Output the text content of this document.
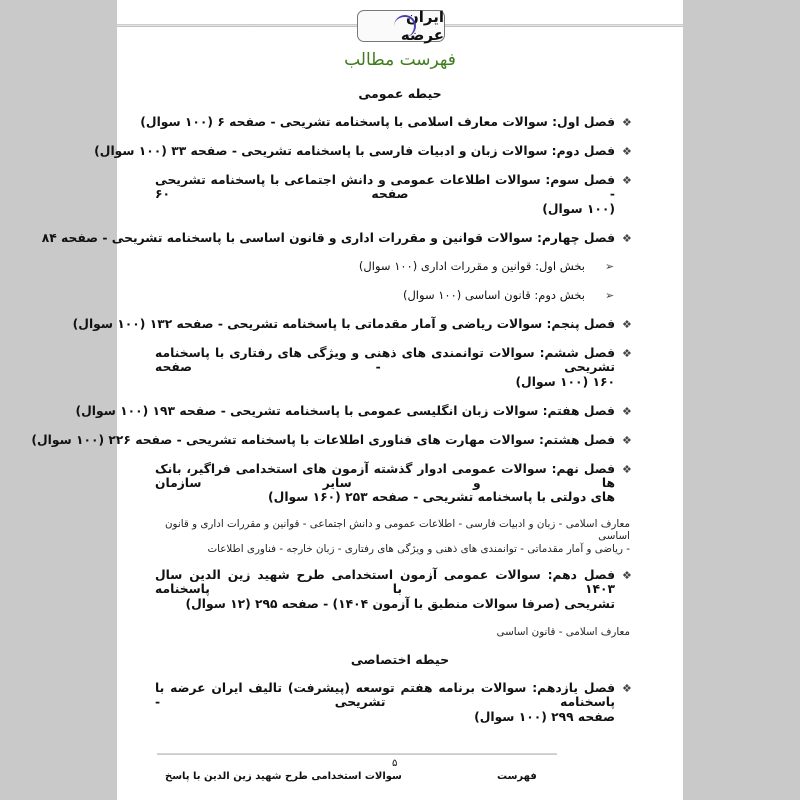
ایران عرضه
فهرست مطالب
حیطه عمومی
❖
فصل اول: سوالات معارف اسلامی با پاسخنامه تشریحی - صفحه ۶ (۱۰۰ سوال)
❖
فصل دوم: سوالات زبان و ادبیات فارسی با پاسخنامه تشریحی - صفحه ۳۳ (۱۰۰ سوال)
❖
فصل سوم: سوالات اطلاعات عمومی و دانش اجتماعی با پاسخنامه تشریحی - صفحه ۶۰
(۱۰۰ سوال)
❖
فصل چهارم: سوالات قوانین و مقررات اداری و قانون اساسی با پاسخنامه تشریحی - صفحه ۸۴
➢
بخش اول: قوانین و مقررات اداری (۱۰۰ سوال)
➢
بخش دوم: قانون اساسی (۱۰۰ سوال)
❖
فصل پنجم: سوالات ریاضی و آمار مقدماتی با پاسخنامه تشریحی - صفحه ۱۳۲ (۱۰۰ سوال)
❖
فصل ششم: سوالات توانمندی های ذهنی و ویژگی های رفتاری با پاسخنامه تشریحی - صفحه
۱۶۰ (۱۰۰ سوال)
❖
فصل هفتم: سوالات زبان انگلیسی عمومی با پاسخنامه تشریحی - صفحه ۱۹۳ (۱۰۰ سوال)
❖
فصل هشتم: سوالات مهارت های فناوری اطلاعات با پاسخنامه تشریحی - صفحه ۲۲۶ (۱۰۰ سوال)
❖
فصل نهم: سوالات عمومی ادوار گذشته آزمون های استخدامی فراگیر، بانک ها و سایر سازمان
های دولتی با پاسخنامه تشریحی - صفحه ۲۵۳ (۱۶۰ سوال)
معارف اسلامی - زبان و ادبیات فارسی - اطلاعات عمومی و دانش اجتماعی - قوانین و مقررات اداری و قانون اساسی
- ریاضی و آمار مقدماتی - توانمندی های ذهنی و ویژگی های رفتاری - زبان خارجه - فناوری اطلاعات
❖
فصل دهم: سوالات عمومی آزمون استخدامی طرح شهید زین الدین سال ۱۴۰۳ با پاسخنامه
تشریحی (صرفا سوالات منطبق با آزمون ۱۴۰۴) - صفحه ۲۹۵ (۱۲ سوال)
معارف اسلامی - قانون اساسی
❖
فصل یازدهم: سوالات برنامه هفتم توسعه (پیشرفت) تالیف ایران عرضه با پاسخنامه تشریحی -
صفحه ۲۹۹ (۱۰۰ سوال)
حیطه اختصاصی
۵
فهرست
سوالات استخدامی طرح شهید زین الدین با پاسخ
